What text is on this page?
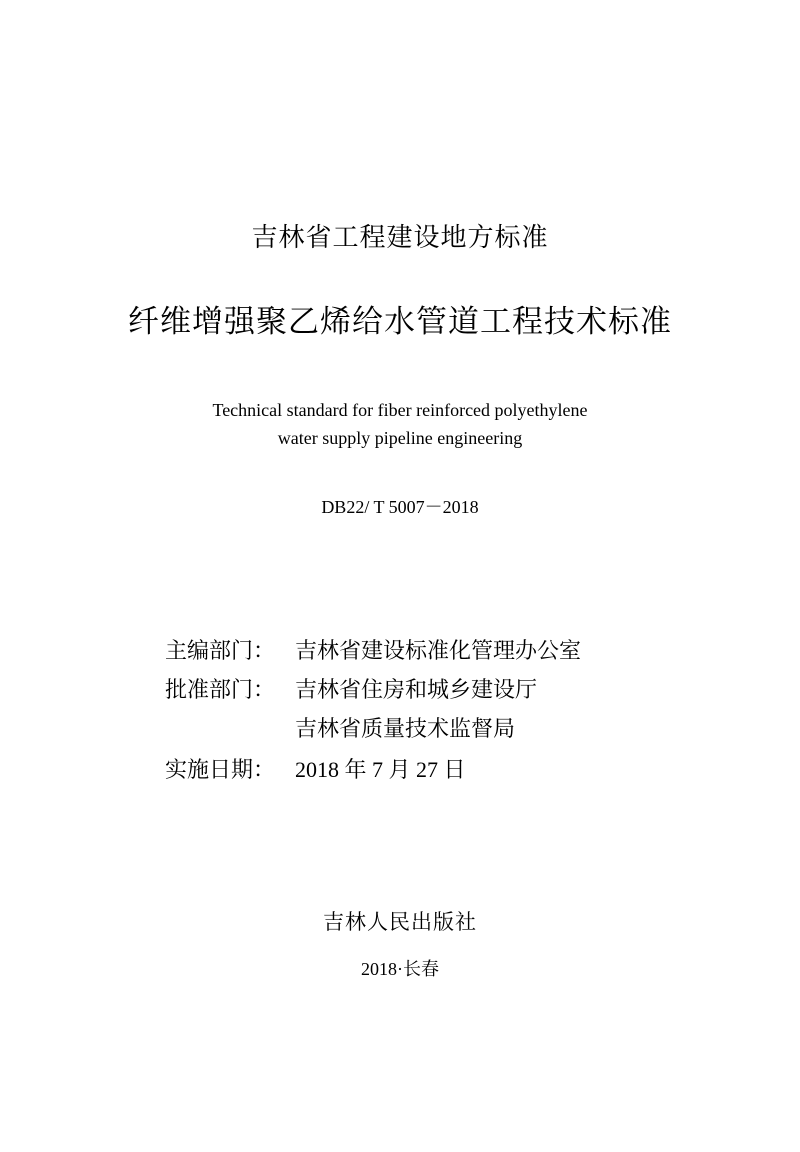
吉林省工程建设地方标准
纤维增强聚乙烯给水管道工程技术标准
Technical standard for fiber reinforced polyethylene
water supply pipeline engineering
DB22/ T 5007－2018
主编部门： 吉林省建设标准化管理办公室
批准部门： 吉林省住房和城乡建设厅
吉林省质量技术监督局
实施日期： 2018 年 7 月 27 日
吉林人民出版社
2018·长春
